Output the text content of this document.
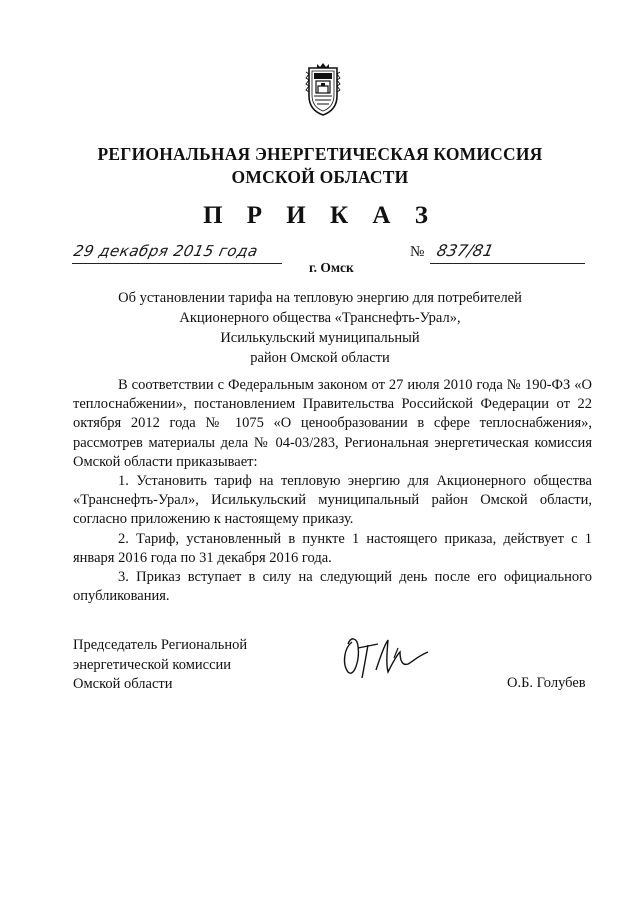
РЕГИОНАЛЬНАЯ ЭНЕРГЕТИЧЕСКАЯ КОМИССИЯ
ОМСКОЙ ОБЛАСТИ
П Р И К А З
29 декабря 2015 года
г. Омск
№ 837/81
Об установлении тарифа на тепловую энергию для потребителей
Акционерного общества «Транснефть-Урал»,
Исилькульский муниципальный
район Омской области

В соответствии с Федеральным законом от 27 июля 2010 года № 190-ФЗ «О теплоснабжении», постановлением Правительства Российской Федерации от 22 октября 2012 года № 1075 «О ценообразовании в сфере теплоснабжения», рассмотрев материалы дела № 04-03/283, Региональная энергетическая комиссия Омской области приказывает:

1. Установить тариф на тепловую энергию для Акционерного общества «Транснефть-Урал», Исилькульский муниципальный район Омской области, согласно приложению к настоящему приказу.

2. Тариф, установленный в пункте 1 настоящего приказа, действует с 1 января 2016 года по 31 декабря 2016 года.

3. Приказ вступает в силу на следующий день после его официального опубликования.

Председатель Региональной
энергетической комиссии
Омской области	О.Б. Голубев
